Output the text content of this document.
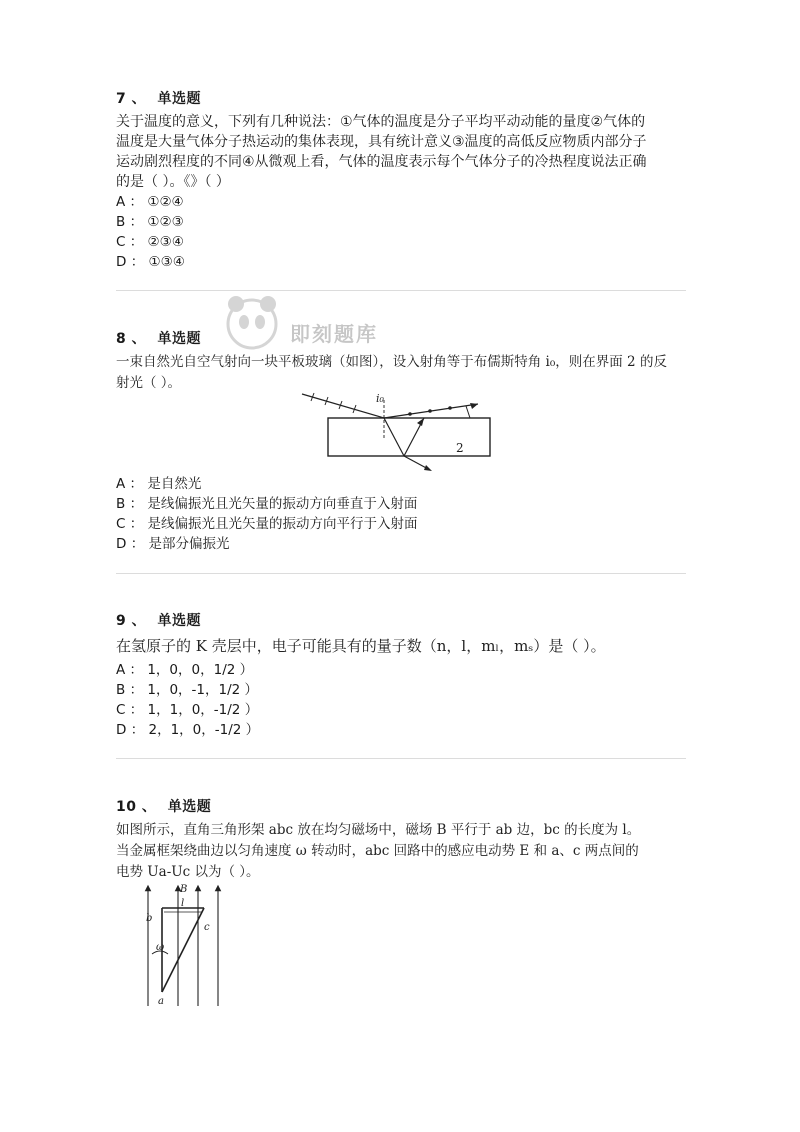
7 、 单选题
关于温度的意义，下列有几种说法：①气体的温度是分子平均平动动能的量度②气体的
温度是大量气体分子热运动的集体表现，具有统计意义③温度的高低反应物质内部分子
运动剧烈程度的不同④从微观上看，气体的温度表示每个气体分子的冷热程度说法正确
的是（ ）。《》（ ）
A ： ①②④
B ： ①②③
C ： ②③④
D ： ①③④
即刻题库
8 、 单选题
一束自然光自空气射向一块平板玻璃（如图），设入射角等于布儒斯特角 i₀，则在界面 2 的反
射光（ ）。
i₀
2
A ： 是自然光
B ： 是线偏振光且光矢量的振动方向垂直于入射面
C ： 是线偏振光且光矢量的振动方向平行于入射面
D ： 是部分偏振光
9 、 单选题
在氢原子的 K 壳层中，电子可能具有的量子数（n，l，mₗ，mₛ）是（ ）。
A ： 1，0，0，1/2 ）
B ： 1，0，-1，1/2 ）
C ： 1，1，0，-1/2 ）
D ： 2，1，0，-1/2 ）
10 、 单选题
如图所示，直角三角形架 abc 放在均匀磁场中，磁场 B 平行于 ab 边，bc 的长度为 l。
当金属框架绕曲边以匀角速度 ω 转动时，abc 回路中的感应电动势 E 和 a、c 两点间的
电势 Ua-Uc 以为（ ）。
b
c
a
B
l
ω
